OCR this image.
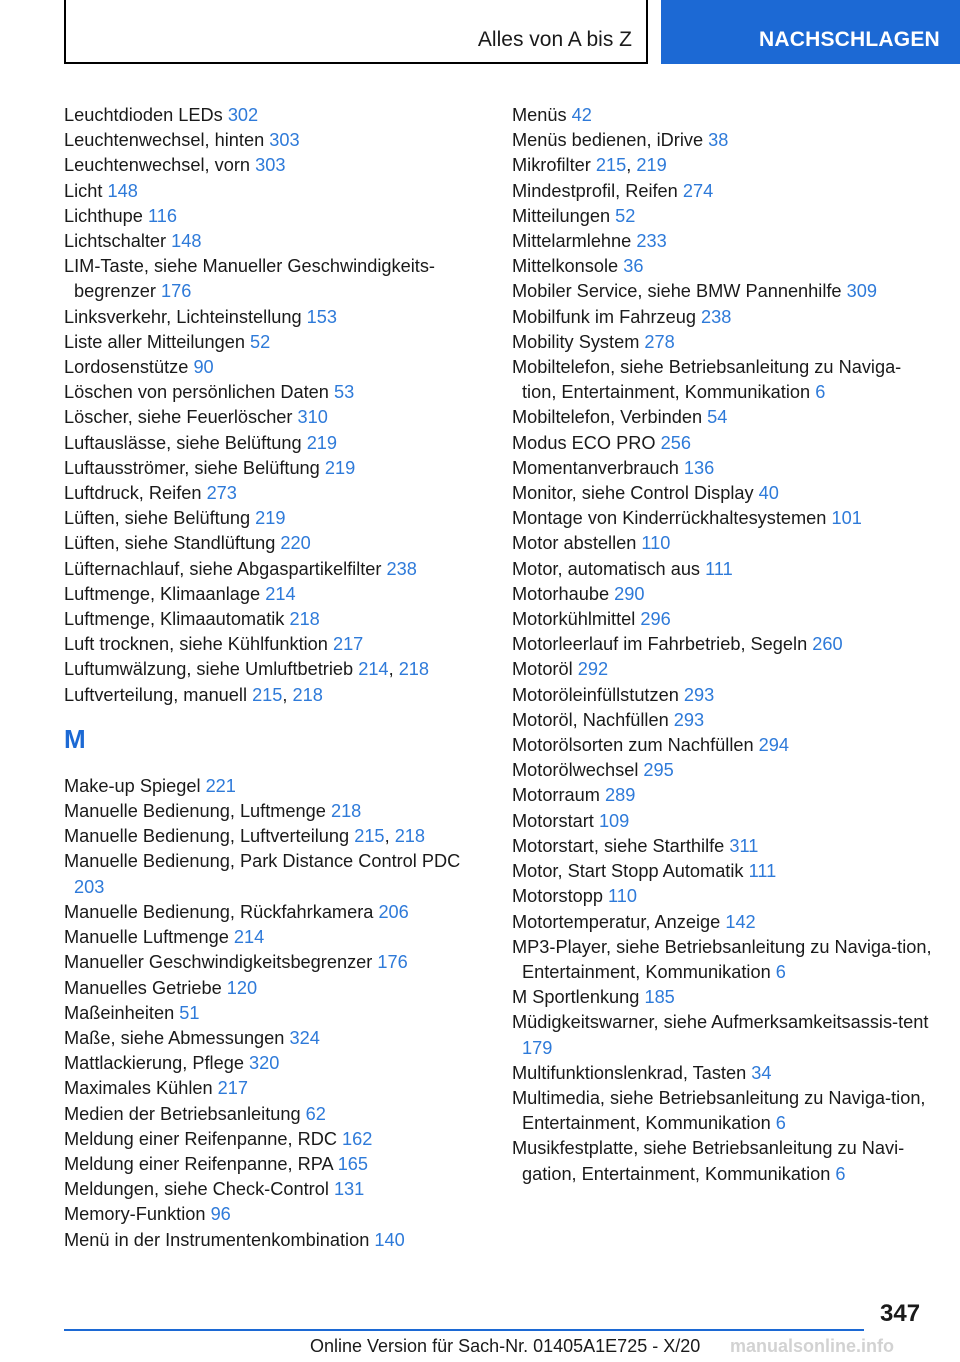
Alles von A bis Z	NACHSCHLAGEN
Leuchtdioden LEDs 302
Leuchtenwechsel, hinten 303
Leuchtenwechsel, vorn 303
Licht 148
Lichthupe 116
Lichtschalter 148
LIM-Taste, siehe Manueller Geschwindigkeits-begrenzer 176
Linksverkehr, Lichteinstellung 153
Liste aller Mitteilungen 52
Lordosenstütze 90
Löschen von persönlichen Daten 53
Löscher, siehe Feuerlöscher 310
Luftauslässe, siehe Belüftung 219
Luftausströmer, siehe Belüftung 219
Luftdruck, Reifen 273
Lüften, siehe Belüftung 219
Lüften, siehe Standlüftung 220
Lüfternachlauf, siehe Abgaspartikelfilter 238
Luftmenge, Klimaanlage 214
Luftmenge, Klimaautomatik 218
Luft trocknen, siehe Kühlfunktion 217
Luftumwälzung, siehe Umluftbetrieb 214, 218
Luftverteilung, manuell 215, 218
M
Make-up Spiegel 221
Manuelle Bedienung, Luftmenge 218
Manuelle Bedienung, Luftverteilung 215, 218
Manuelle Bedienung, Park Distance Control PDC 203
Manuelle Bedienung, Rückfahrkamera 206
Manuelle Luftmenge 214
Manueller Geschwindigkeitsbegrenzer 176
Manuelles Getriebe 120
Maßeinheiten 51
Maße, siehe Abmessungen 324
Mattlackierung, Pflege 320
Maximales Kühlen 217
Medien der Betriebsanleitung 62
Meldung einer Reifenpanne, RDC 162
Meldung einer Reifenpanne, RPA 165
Meldungen, siehe Check-Control 131
Memory-Funktion 96
Menü in der Instrumentenkombination 140
Menüs 42
Menüs bedienen, iDrive 38
Mikrofilter 215, 219
Mindestprofil, Reifen 274
Mitteilungen 52
Mittelarmlehne 233
Mittelkonsole 36
Mobiler Service, siehe BMW Pannenhilfe 309
Mobilfunk im Fahrzeug 238
Mobility System 278
Mobiltelefon, siehe Betriebsanleitung zu Naviga-tion, Entertainment, Kommunikation 6
Mobiltelefon, Verbinden 54
Modus ECO PRO 256
Momentanverbrauch 136
Monitor, siehe Control Display 40
Montage von Kinderrückhaltesystemen 101
Motor abstellen 110
Motor, automatisch aus 111
Motorhaube 290
Motorkühlmittel 296
Motorleerlauf im Fahrbetrieb, Segeln 260
Motoröl 292
Motoröleinfüllstutzen 293
Motoröl, Nachfüllen 293
Motorölsorten zum Nachfüllen 294
Motorölwechsel 295
Motorraum 289
Motorstart 109
Motorstart, siehe Starthilfe 311
Motor, Start Stopp Automatik 111
Motorstopp 110
Motortemperatur, Anzeige 142
MP3-Player, siehe Betriebsanleitung zu Naviga-tion, Entertainment, Kommunikation 6
M Sportlenkung 185
Müdigkeitswarner, siehe Aufmerksamkeitsassis-tent 179
Multifunktionslenkrad, Tasten 34
Multimedia, siehe Betriebsanleitung zu Naviga-tion, Entertainment, Kommunikation 6
Musikfestplatte, siehe Betriebsanleitung zu Navi-gation, Entertainment, Kommunikation 6
347
Online Version für Sach-Nr. 01405A1E725 - X/20 manualsonline.info
